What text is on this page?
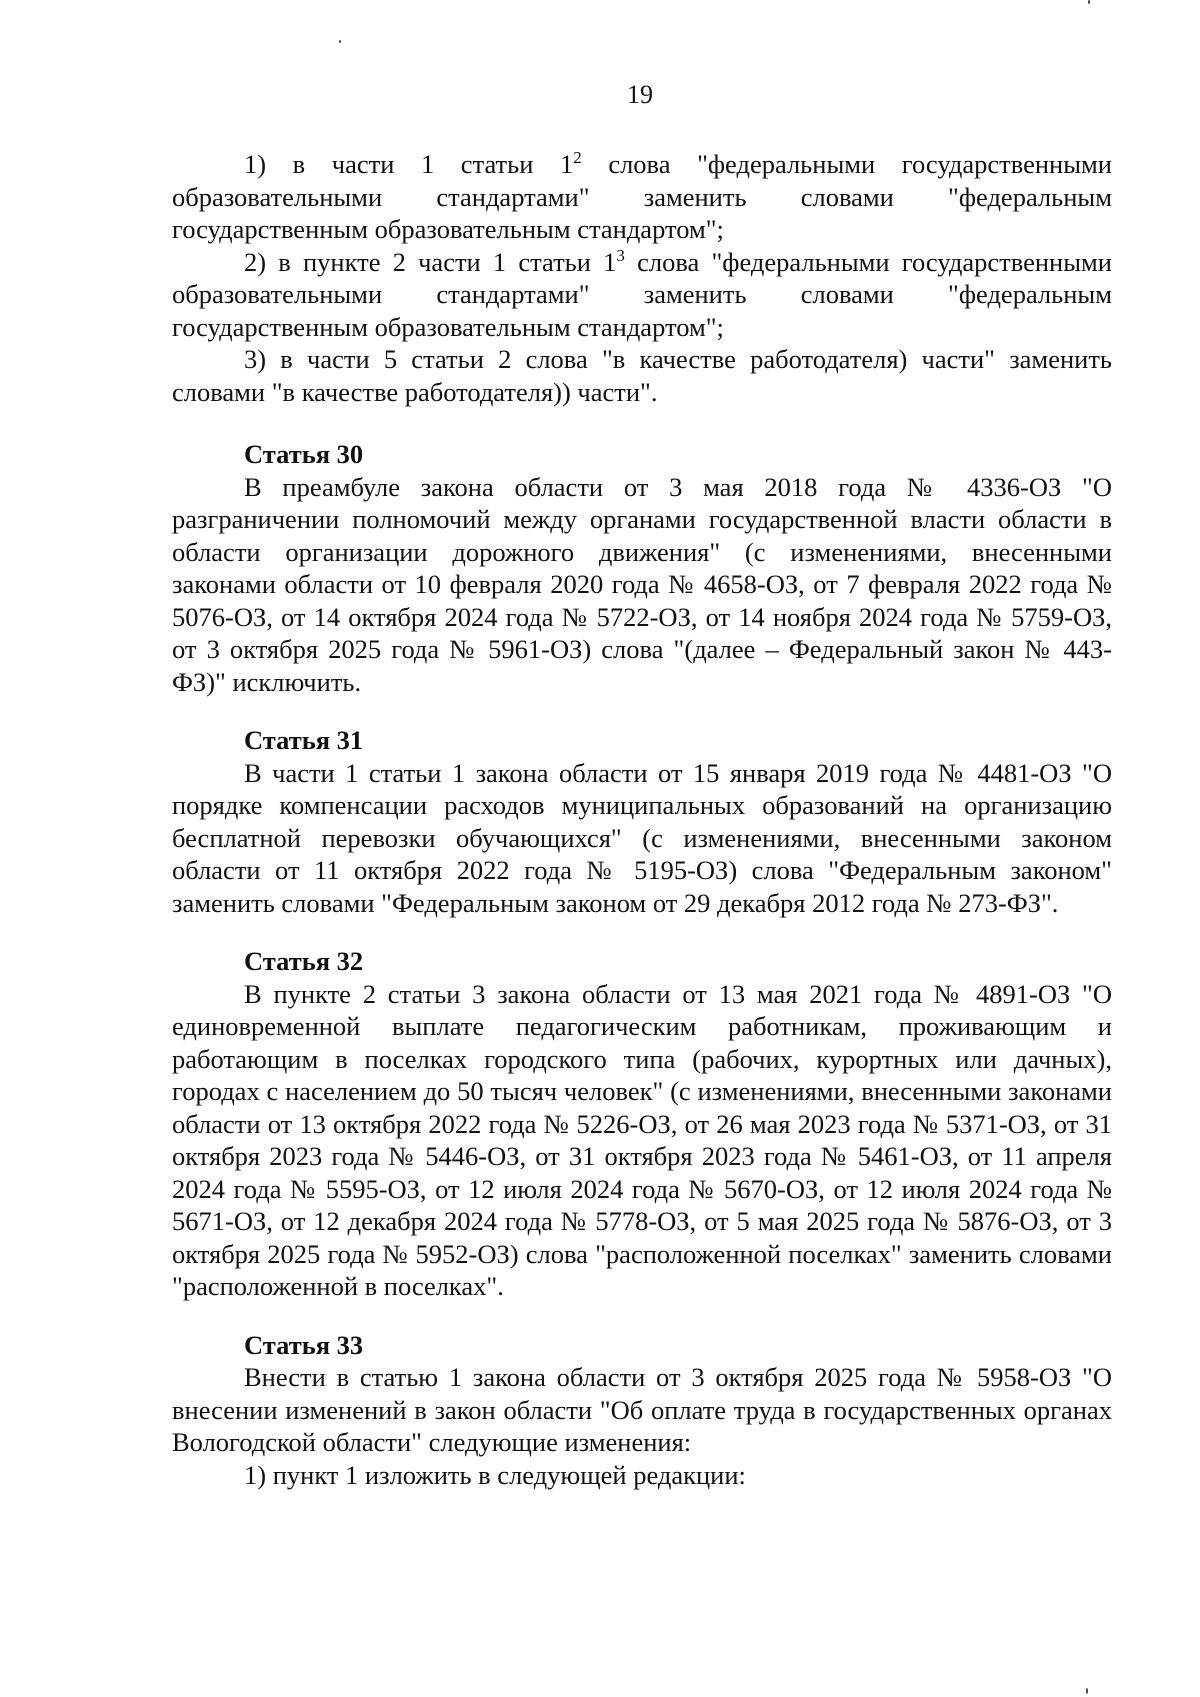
19

1) в части 1 статьи $1^2$ слова "федеральными государственными образовательными стандартами" заменить словами "федеральным государственным образовательным стандартом";

2) в пункте 2 части 1 статьи $1^3$ слова "федеральными государственными образовательными стандартами" заменить словами "федеральным государственным образовательным стандартом";

3) в части 5 статьи 2 слова "в качестве работодателя) части" заменить словами "в качестве работодателя)) части".

Статья 30

В преамбуле закона области от 3 мая 2018 года № 4336-ОЗ "О разграничении полномочий между органами государственной власти области в области организации дорожного движения" (с изменениями, внесенными законами области от 10 февраля 2020 года № 4658-ОЗ, от 7 февраля 2022 года № 5076-ОЗ, от 14 октября 2024 года № 5722-ОЗ, от 14 ноября 2024 года № 5759-ОЗ, от 3 октября 2025 года № 5961-ОЗ) слова "(далее – Федеральный закон № 443-ФЗ)" исключить.

Статья 31

В части 1 статьи 1 закона области от 15 января 2019 года № 4481-ОЗ "О порядке компенсации расходов муниципальных образований на организацию бесплатной перевозки обучающихся" (с изменениями, внесенными законом области от 11 октября 2022 года № 5195-ОЗ) слова "Федеральным законом" заменить словами "Федеральным законом от 29 декабря 2012 года № 273-ФЗ".

Статья 32

В пункте 2 статьи 3 закона области от 13 мая 2021 года № 4891-ОЗ "О единовременной выплате педагогическим работникам, проживающим и работающим в поселках городского типа (рабочих, курортных или дачных), городах с населением до 50 тысяч человек" (с изменениями, внесенными законами области от 13 октября 2022 года № 5226-ОЗ, от 26 мая 2023 года № 5371-ОЗ, от 31 октября 2023 года № 5446-ОЗ, от 31 октября 2023 года № 5461-ОЗ, от 11 апреля 2024 года № 5595-ОЗ, от 12 июля 2024 года № 5670-ОЗ, от 12 июля 2024 года № 5671-ОЗ, от 12 декабря 2024 года № 5778-ОЗ, от 5 мая 2025 года № 5876-ОЗ, от 3 октября 2025 года № 5952-ОЗ) слова "расположенной поселках" заменить словами "расположенной в поселках".

Статья 33

Внести в статью 1 закона области от 3 октября 2025 года № 5958-ОЗ "О внесении изменений в закон области "Об оплате труда в государственных органах Вологодской области" следующие изменения:

1) пункт 1 изложить в следующей редакции:
